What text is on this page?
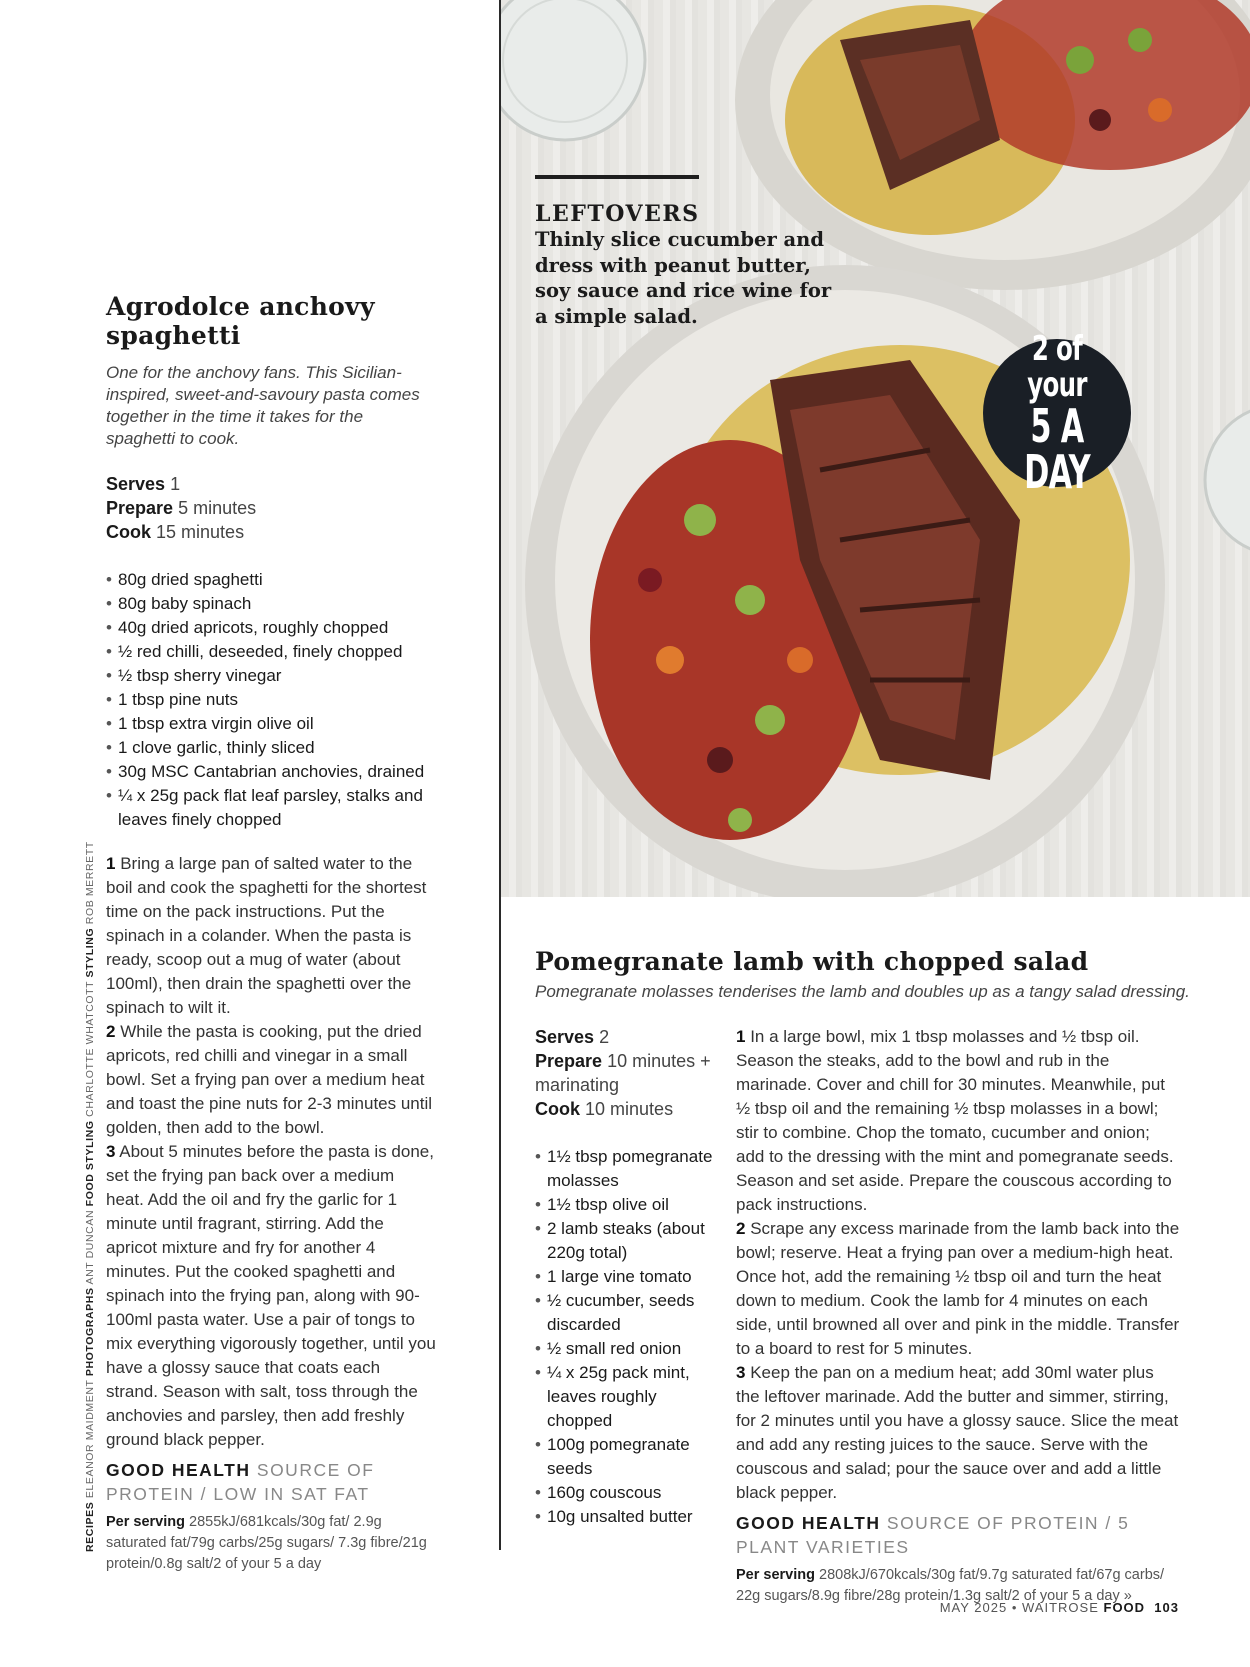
LEFTOVERS

Thinly slice cucumber and dress with peanut butter, soy sauce and rice wine for a simple salad.

2 of your
5 A DAY
Agrodolce anchovy spaghetti

One for the anchovy fans. This Sicilian-inspired, sweet-and-savoury pasta comes together in the time it takes for the spaghetti to cook.

Serves 1
Prepare 5 minutes
Cook 15 minutes
• 80g dried spaghetti
• 80g baby spinach
• 40g dried apricots, roughly chopped
• ½ red chilli, deseeded, finely chopped
• ½ tbsp sherry vinegar
• 1 tbsp pine nuts
• 1 tbsp extra virgin olive oil
• 1 clove garlic, thinly sliced
• 30g MSC Cantabrian anchovies, drained
• ¼ x 25g pack flat leaf parsley, stalks and leaves finely chopped

1 Bring a large pan of salted water to the boil and cook the spaghetti for the shortest time on the pack instructions. Put the spinach in a colander. When the pasta is ready, scoop out a mug of water (about 100ml), then drain the spaghetti over the spinach to wilt it.

2 While the pasta is cooking, put the dried apricots, red chilli and vinegar in a small bowl. Set a frying pan over a medium heat and toast the pine nuts for 2-3 minutes until golden, then add to the bowl.

3 About 5 minutes before the pasta is done, set the frying pan back over a medium heat. Add the oil and fry the garlic for 1 minute until fragrant, stirring. Add the apricot mixture and fry for another 4 minutes. Put the cooked spaghetti and spinach into the frying pan, along with 90-100ml pasta water. Use a pair of tongs to mix everything vigorously together, until you have a glossy sauce that coats each strand. Season with salt, toss through the anchovies and parsley, then add freshly ground black pepper.

GOOD HEALTH SOURCE OF PROTEIN / LOW IN SAT FAT
Per serving 2855kJ/681kcals/30g fat/ 2.9g saturated fat/79g carbs/25g sugars/ 7.3g fibre/21g protein/0.8g salt/2 of your 5 a day
RECIPES ELEANOR MAIDMENT PHOTOGRAPHS ANT DUNCAN FOOD STYLING CHARLOTTE WHATCOTT STYLING ROB MERRETT
Pomegranate lamb with chopped salad

Pomegranate molasses tenderises the lamb and doubles up as a tangy salad dressing.

Serves 2
Prepare 10 minutes + marinating
Cook 10 minutes
• 1½ tbsp pomegranate molasses
• 1½ tbsp olive oil
• 2 lamb steaks (about 220g total)
• 1 large vine tomato
• ½ cucumber, seeds discarded
• ½ small red onion
• ¼ x 25g pack mint, leaves roughly chopped
• 100g pomegranate seeds
• 160g couscous
• 10g unsalted butter

1 In a large bowl, mix 1 tbsp molasses and ½ tbsp oil. Season the steaks, add to the bowl and rub in the marinade. Cover and chill for 30 minutes. Meanwhile, put ½ tbsp oil and the remaining ½ tbsp molasses in a bowl; stir to combine. Chop the tomato, cucumber and onion; add to the dressing with the mint and pomegranate seeds. Season and set aside. Prepare the couscous according to pack instructions.

2 Scrape any excess marinade from the lamb back into the bowl; reserve. Heat a frying pan over a medium-high heat. Once hot, add the remaining ½ tbsp oil and turn the heat down to medium. Cook the lamb for 4 minutes on each side, until browned all over and pink in the middle. Transfer to a board to rest for 5 minutes.

3 Keep the pan on a medium heat; add 30ml water plus the leftover marinade. Add the butter and simmer, stirring, for 2 minutes until you have a glossy sauce. Slice the meat and add any resting juices to the sauce. Serve with the couscous and salad; pour the sauce over and add a little black pepper.

GOOD HEALTH SOURCE OF PROTEIN / 5 PLANT VARIETIES
Per serving 2808kJ/670kcals/30g fat/9.7g saturated fat/67g carbs/ 22g sugars/8.9g fibre/28g protein/1.3g salt/2 of your 5 a day »
MAY 2025 • WAITROSE FOOD 103
